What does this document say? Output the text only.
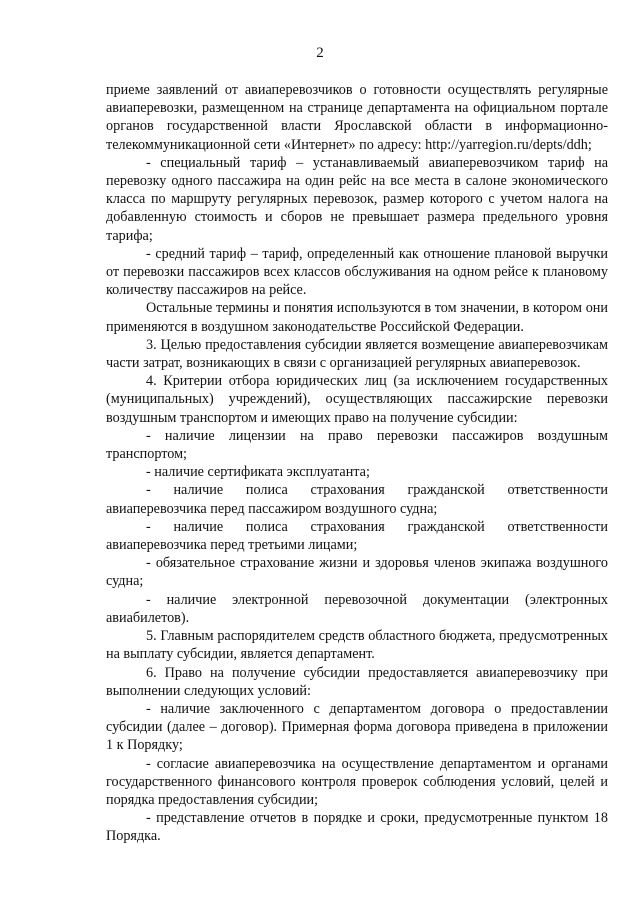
2

приеме заявлений от авиаперевозчиков о готовности осуществлять регулярные авиаперевозки, размещенном на странице департамента на официальном портале органов государственной власти Ярославской области в информационно-телекоммуникационной сети «Интернет» по адресу: http://yarregion.ru/depts/ddh;

- специальный тариф – устанавливаемый авиаперевозчиком тариф на перевозку одного пассажира на один рейс на все места в салоне экономического класса по маршруту регулярных перевозок, размер которого с учетом налога на добавленную стоимость и сборов не превышает размера предельного уровня тарифа;

- средний тариф – тариф, определенный как отношение плановой выручки от перевозки пассажиров всех классов обслуживания на одном рейсе к плановому количеству пассажиров на рейсе.

Остальные термины и понятия используются в том значении, в котором они применяются в воздушном законодательстве Российской Федерации.

3. Целью предоставления субсидии является возмещение авиаперевозчикам части затрат, возникающих в связи с организацией регулярных авиаперевозок.

4. Критерии отбора юридических лиц (за исключением государственных (муниципальных) учреждений), осуществляющих пассажирские перевозки воздушным транспортом и имеющих право на получение субсидии:

- наличие лицензии на право перевозки пассажиров воздушным транспортом;

- наличие сертификата эксплуатанта;

- наличие полиса страхования гражданской ответственности авиаперевозчика перед пассажиром воздушного судна;

- наличие полиса страхования гражданской ответственности авиаперевозчика перед третьими лицами;

- обязательное страхование жизни и здоровья членов экипажа воздушного судна;

- наличие электронной перевозочной документации (электронных авиабилетов).

5. Главным распорядителем средств областного бюджета, предусмотренных на выплату субсидии, является департамент.

6. Право на получение субсидии предоставляется авиаперевозчику при выполнении следующих условий:

- наличие заключенного с департаментом договора о предоставлении субсидии (далее – договор). Примерная форма договора приведена в приложении 1 к Порядку;

- согласие авиаперевозчика на осуществление департаментом и органами государственного финансового контроля проверок соблюдения условий, целей и порядка предоставления субсидии;

- представление отчетов в порядке и сроки, предусмотренные пунктом 18 Порядка.
